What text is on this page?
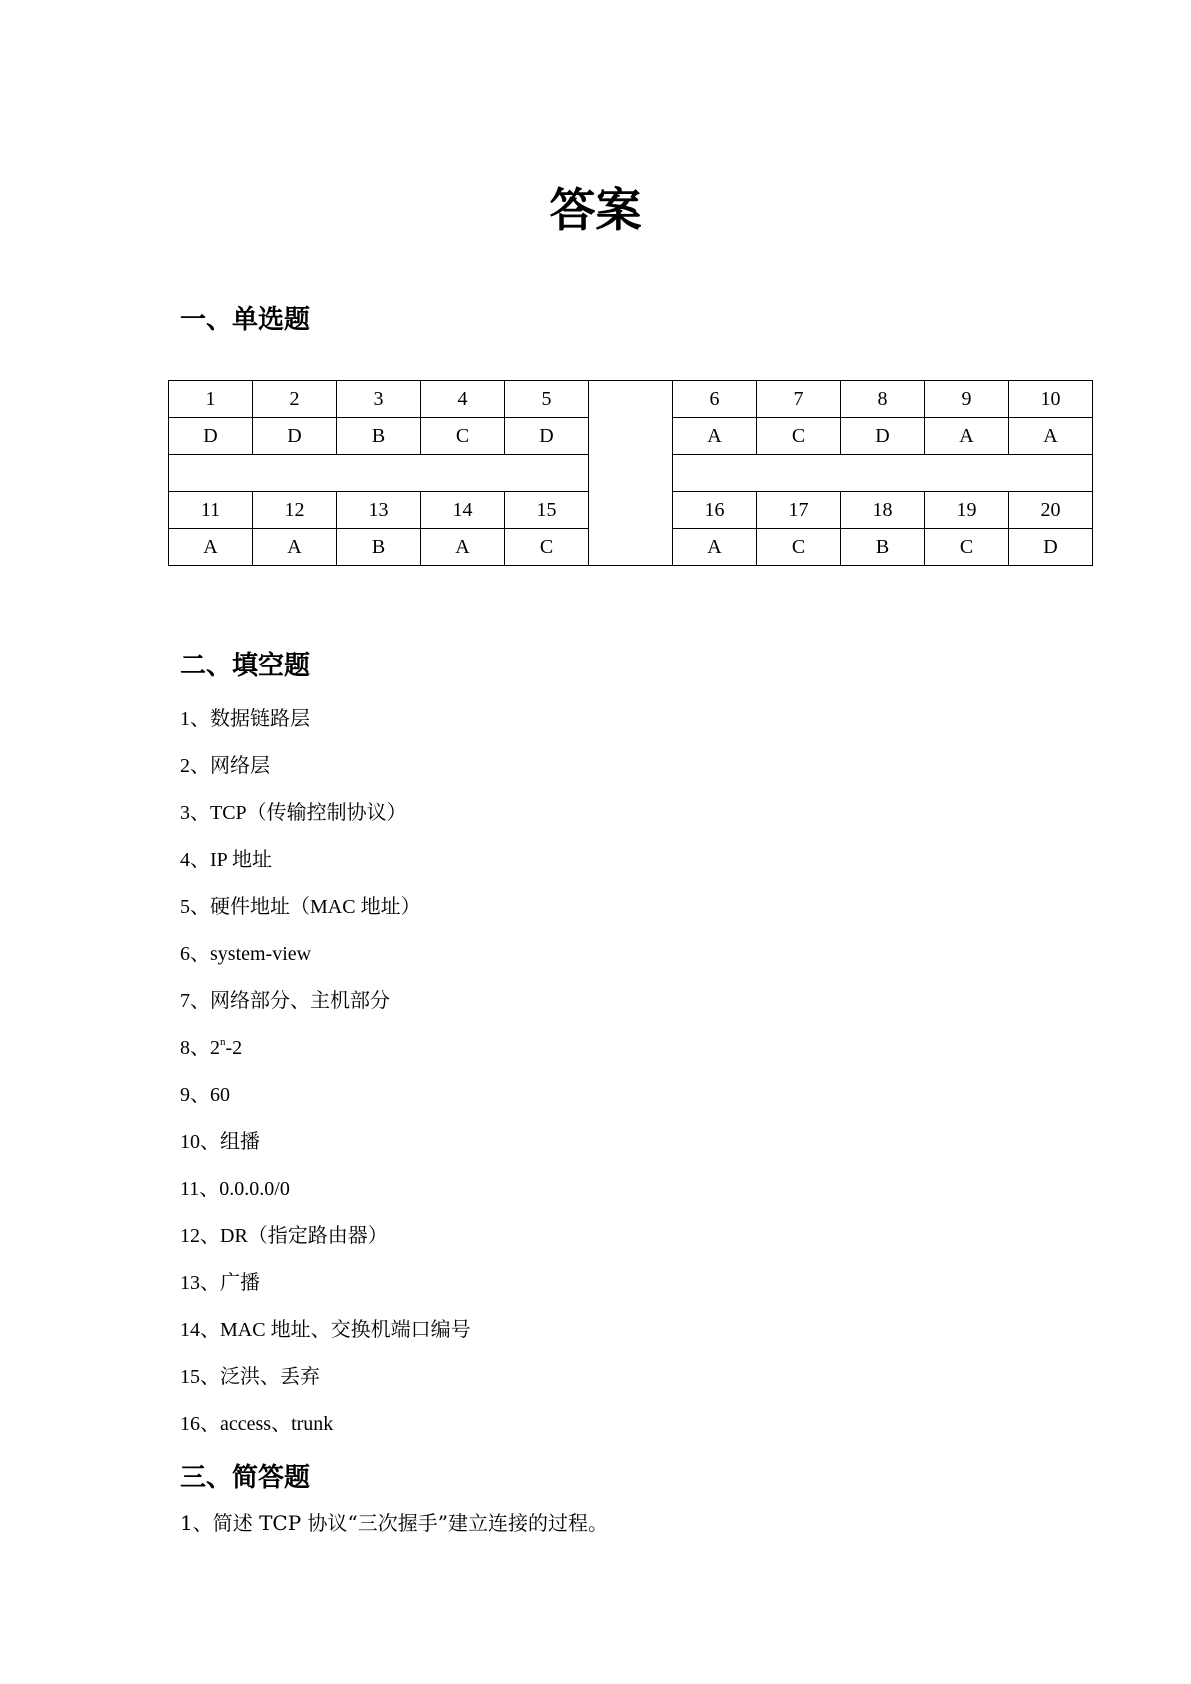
答案
一、单选题
1	2	3	4	5		6	7	8	9	10
D	D	B	C	D		A	C	D	A	A

11	12	13	14	15		16	17	18	19	20
A	A	B	A	C		A	C	B	C	D
二、填空题
1、数据链路层
2、网络层
3、TCP（传输控制协议）
4、IP 地址
5、硬件地址（MAC 地址）
6、system-view
7、网络部分、主机部分
8、2$^n$-2
9、60
10、组播
11、0.0.0.0/0
12、DR（指定路由器）
13、广播
14、MAC 地址、交换机端口编号
15、泛洪、丢弃
16、access、trunk
三、简答题

1、简述 TCP 协议“三次握手”建立连接的过程。
